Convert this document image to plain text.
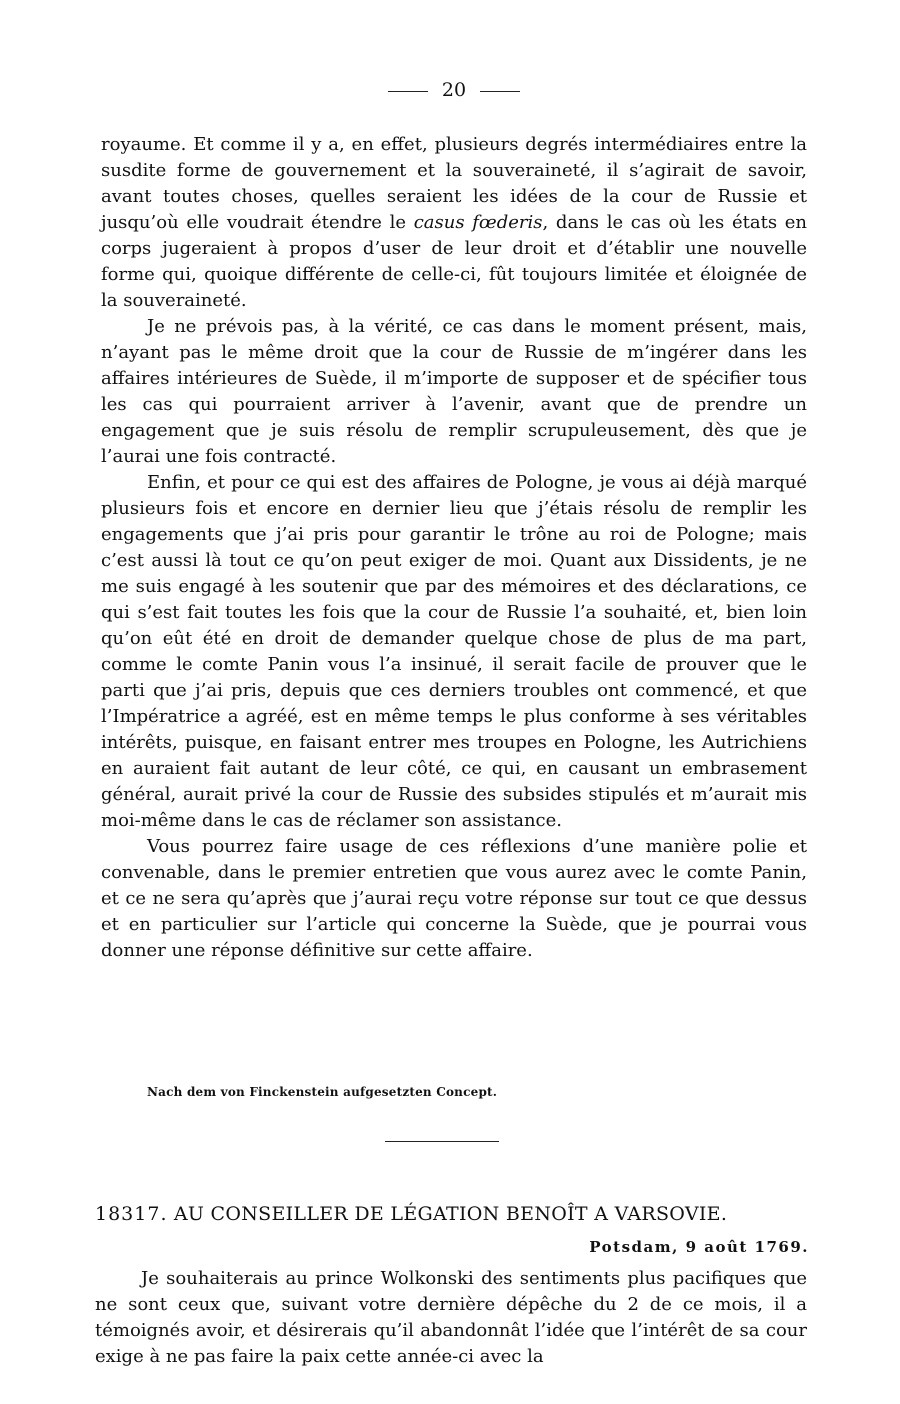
20

royaume. Et comme il y a, en effet, plusieurs degrés intermédiaires entre la susdite forme de gouvernement et la souveraineté, il s’agirait de savoir, avant toutes choses, quelles seraient les idées de la cour de Russie et jusqu’où elle voudrait étendre le casus fœderis, dans le cas où les états en corps jugeraient à propos d’user de leur droit et d’établir une nouvelle forme qui, quoique différente de celle-ci, fût toujours limitée et éloignée de la souveraineté.

Je ne prévois pas, à la vérité, ce cas dans le moment présent, mais, n’ayant pas le même droit que la cour de Russie de m’ingérer dans les affaires intérieures de Suède, il m’importe de supposer et de spécifier tous les cas qui pourraient arriver à l’avenir, avant que de prendre un engagement que je suis résolu de remplir scrupuleusement, dès que je l’aurai une fois contracté.

Enfin, et pour ce qui est des affaires de Pologne, je vous ai déjà marqué plusieurs fois et encore en dernier lieu que j’étais résolu de remplir les engagements que j’ai pris pour garantir le trône au roi de Pologne; mais c’est aussi là tout ce qu’on peut exiger de moi. Quant aux Dissidents, je ne me suis engagé à les soutenir que par des mémoires et des déclarations, ce qui s’est fait toutes les fois que la cour de Russie l’a souhaité, et, bien loin qu’on eût été en droit de demander quelque chose de plus de ma part, comme le comte Panin vous l’a insinué, il serait facile de prouver que le parti que j’ai pris, depuis que ces derniers troubles ont commencé, et que l’Impératrice a agréé, est en même temps le plus conforme à ses véritables intérêts, puisque, en faisant entrer mes troupes en Pologne, les Autrichiens en auraient fait autant de leur côté, ce qui, en causant un embrasement général, aurait privé la cour de Russie des subsides stipulés et m’aurait mis moi-même dans le cas de réclamer son assistance.

Vous pourrez faire usage de ces réflexions d’une manière polie et convenable, dans le premier entretien que vous aurez avec le comte Panin, et ce ne sera qu’après que j’aurai reçu votre réponse sur tout ce que dessus et en particulier sur l’article qui concerne la Suède, que je pourrai vous donner une réponse définitive sur cette affaire.

Nach dem von Finckenstein aufgesetzten Concept.
18317. AU CONSEILLER DE LÉGATION BENOÎT A VARSOVIE.
Potsdam, 9 août 1769.

Je souhaiterais au prince Wolkonski des sentiments plus pacifiques que ne sont ceux que, suivant votre dernière dépêche du 2 de ce mois, il a témoignés avoir, et désirerais qu’il abandonnât l’idée que l’intérêt de sa cour exige à ne pas faire la paix cette année-ci avec la
